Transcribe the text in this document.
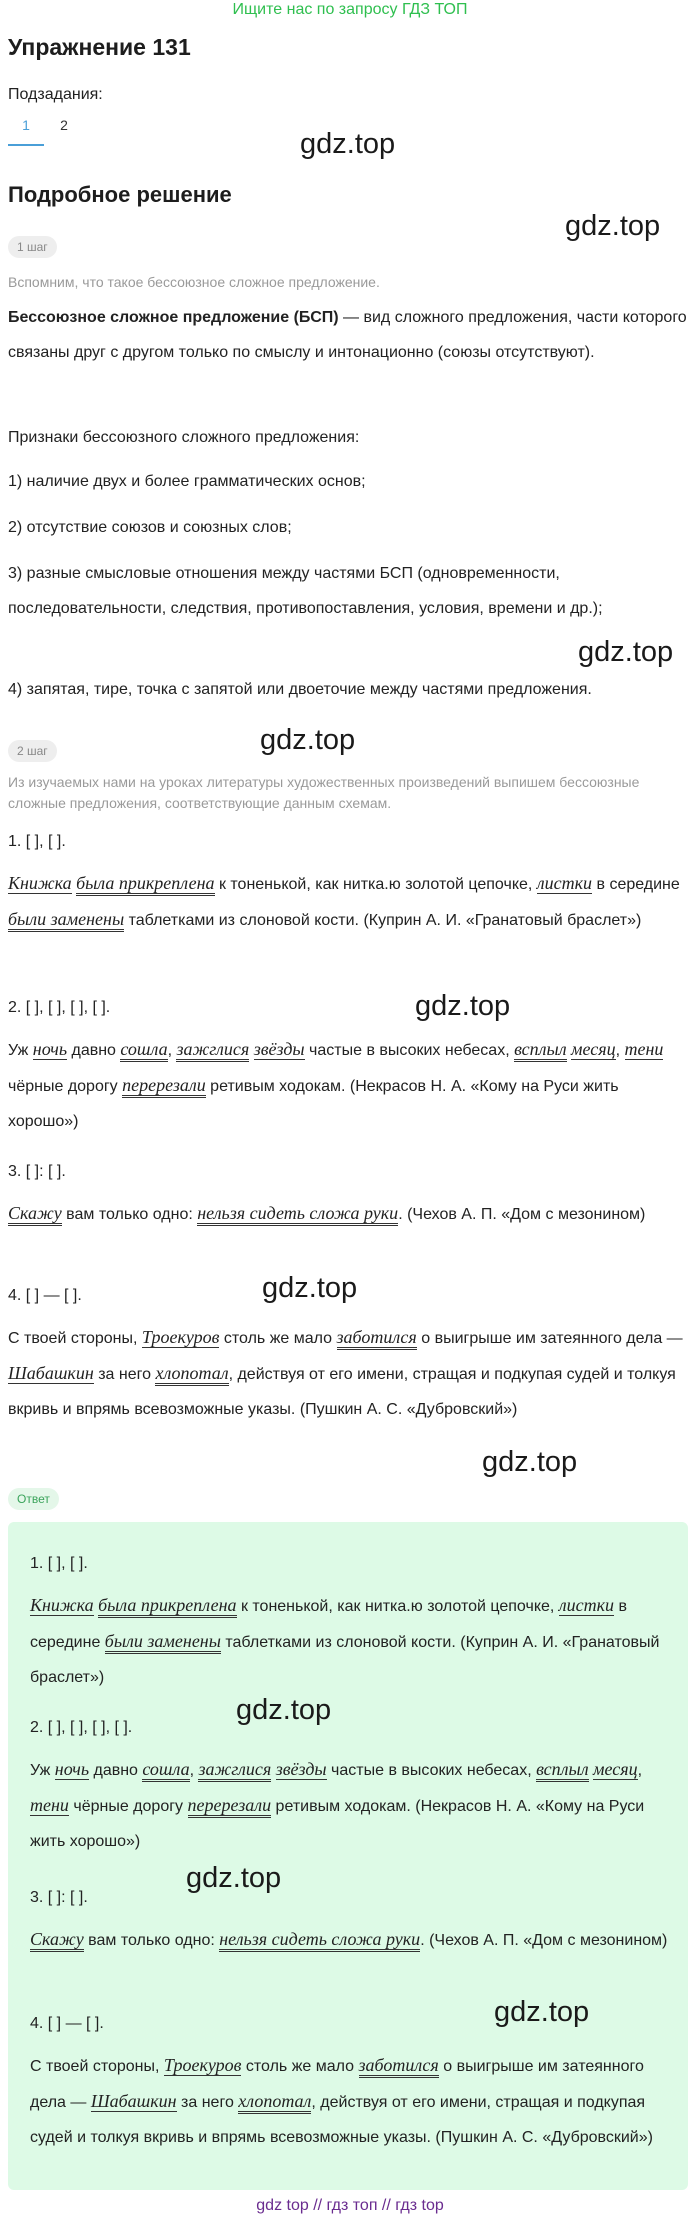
Ищите нас по запросу ГДЗ ТОП
Упражнение 131
Подзадания:
1	2
gdz.top
Подробное решение
gdz.top
1 шаг
Вспомним, что такое бессоюзное сложное предложение.
Бессоюзное сложное предложение (БСП) — вид сложного предложения, части которого связаны друг с другом только по смыслу и интонационно (союзы отсутствуют).
Признаки бессоюзного сложного предложения:
1) наличие двух и более грамматических основ;
2) отсутствие союзов и союзных слов;
3) разные смысловые отношения между частями БСП (одновременности, последовательности, следствия, противопоставления, условия, времени и др.);
gdz.top
4) запятая, тире, точка с запятой или двоеточие между частями предложения.
2 шаг	gdz.top
Из изучаемых нами на уроках литературы художественных произведений выпишем бессоюзные сложные предложения, соответствующие данным схемам.
1. [ ], [ ].
Книжка была прикреплена к тоненькой, как нитка.ю золотой цепочке, листки в середине были заменены таблетками из слоновой кости. (Куприн А. И. «Гранатовый браслет»)
2. [ ], [ ], [ ], [ ].	gdz.top
Уж ночь давно сошла, зажглися звёзды частые в высоких небесах, всплыл месяц, тени чёрные дорогу перерезали ретивым ходокам. (Некрасов Н. А. «Кому на Руси жить хорошо»)
3. [ ]: [ ].
Скажу вам только одно: нельзя сидеть сложа руки. (Чехов А. П. «Дом с мезонином)
gdz.top
4. [ ] — [ ].
С твоей стороны, Троекуров столь же мало заботился о выигрыше им затеянного дела — Шабашкин за него хлопотал, действуя от его имени, стращая и подкупая судей и толкуя вкривь и впрямь всевозможные указы. (Пушкин А. С. «Дубровский»)
gdz.top
Ответ
1. [ ], [ ].
Книжка была прикреплена к тоненькой, как нитка.ю золотой цепочке, листки в середине были заменены таблетками из слоновой кости. (Куприн А. И. «Гранатовый браслет»)
2. [ ], [ ], [ ], [ ].
gdz.top
Уж ночь давно сошла, зажглися звёзды частые в высоких небесах, всплыл месяц, тени чёрные дорогу перерезали ретивым ходокам. (Некрасов Н. А. «Кому на Руси жить хорошо»)
gdz.top
3. [ ]: [ ].
Скажу вам только одно: нельзя сидеть сложа руки. (Чехов А. П. «Дом с мезонином)
4. [ ] — [ ].	gdz.top
С твоей стороны, Троекуров столь же мало заботился о выигрыше им затеянного дела — Шабашкин за него хлопотал, действуя от его имени, стращая и подкупая судей и толкуя вкривь и впрямь всевозможные указы. (Пушкин А. С. «Дубровский»)
gdz top // гдз топ // гдз top
